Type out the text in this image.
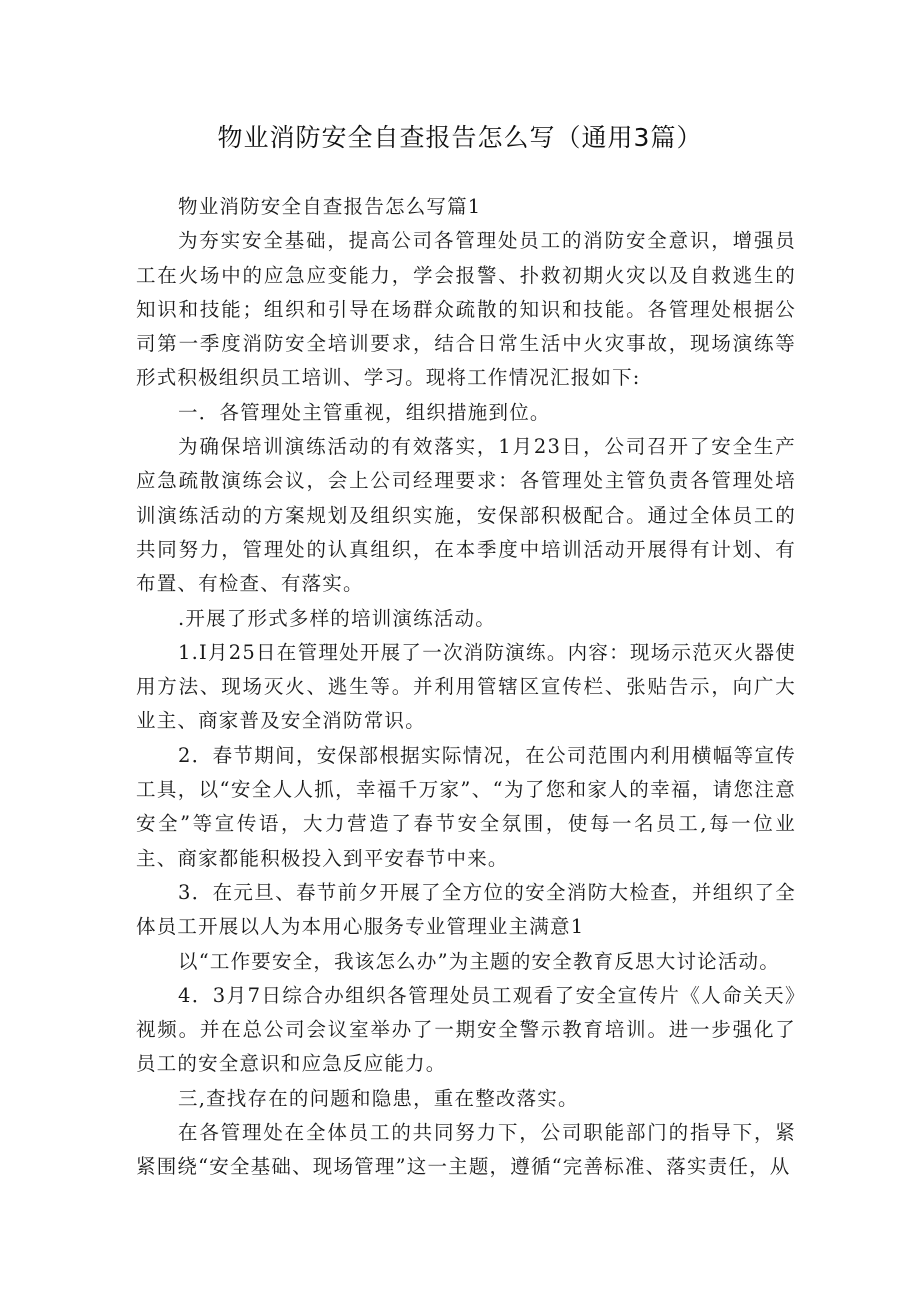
物业消防安全自查报告怎么写（通用3篇）

物业消防安全自查报告怎么写篇1

为夯实安全基础，提高公司各管理处员工的消防安全意识，增强员工在火场中的应急应变能力，学会报警、扑救初期火灾以及自救逃生的知识和技能；组织和引导在场群众疏散的知识和技能。各管理处根据公司第一季度消防安全培训要求，结合日常生活中火灾事故，现场演练等形式积极组织员工培训、学习。现将工作情况汇报如下:

一．各管理处主管重视，组织措施到位。

为确保培训演练活动的有效落实，1月23日，公司召开了安全生产应急疏散演练会议，会上公司经理要求：各管理处主管负责各管理处培训演练活动的方案规划及组织实施，安保部积极配合。通过全体员工的共同努力，管理处的认真组织，在本季度中培训活动开展得有计划、有布置、有检查、有落实。

.开展了形式多样的培训演练活动。

1.I月25日在管理处开展了一次消防演练。内容：现场示范灭火器使用方法、现场灭火、逃生等。并利用管辖区宣传栏、张贴告示，向广大业主、商家普及安全消防常识。

2．春节期间，安保部根据实际情况，在公司范围内利用横幅等宣传工具，以“安全人人抓，幸福千万家”、“为了您和家人的幸福，请您注意安全”等宣传语，大力营造了春节安全氛围，使每一名员工,每一位业主、商家都能积极投入到平安春节中来。

3．在元旦、春节前夕开展了全方位的安全消防大检查，并组织了全体员工开展以人为本用心服务专业管理业主满意1

以“工作要安全，我该怎么办”为主题的安全教育反思大讨论活动。

4．3月7日综合办组织各管理处员工观看了安全宣传片《人命关天》视频。并在总公司会议室举办了一期安全警示教育培训。进一步强化了员工的安全意识和应急反应能力。

三,查找存在的问题和隐患，重在整改落实。

在各管理处在全体员工的共同努力下，公司职能部门的指导下，紧紧围绕“安全基础、现场管理”这一主题，遵循“完善标准、落实责任，从
